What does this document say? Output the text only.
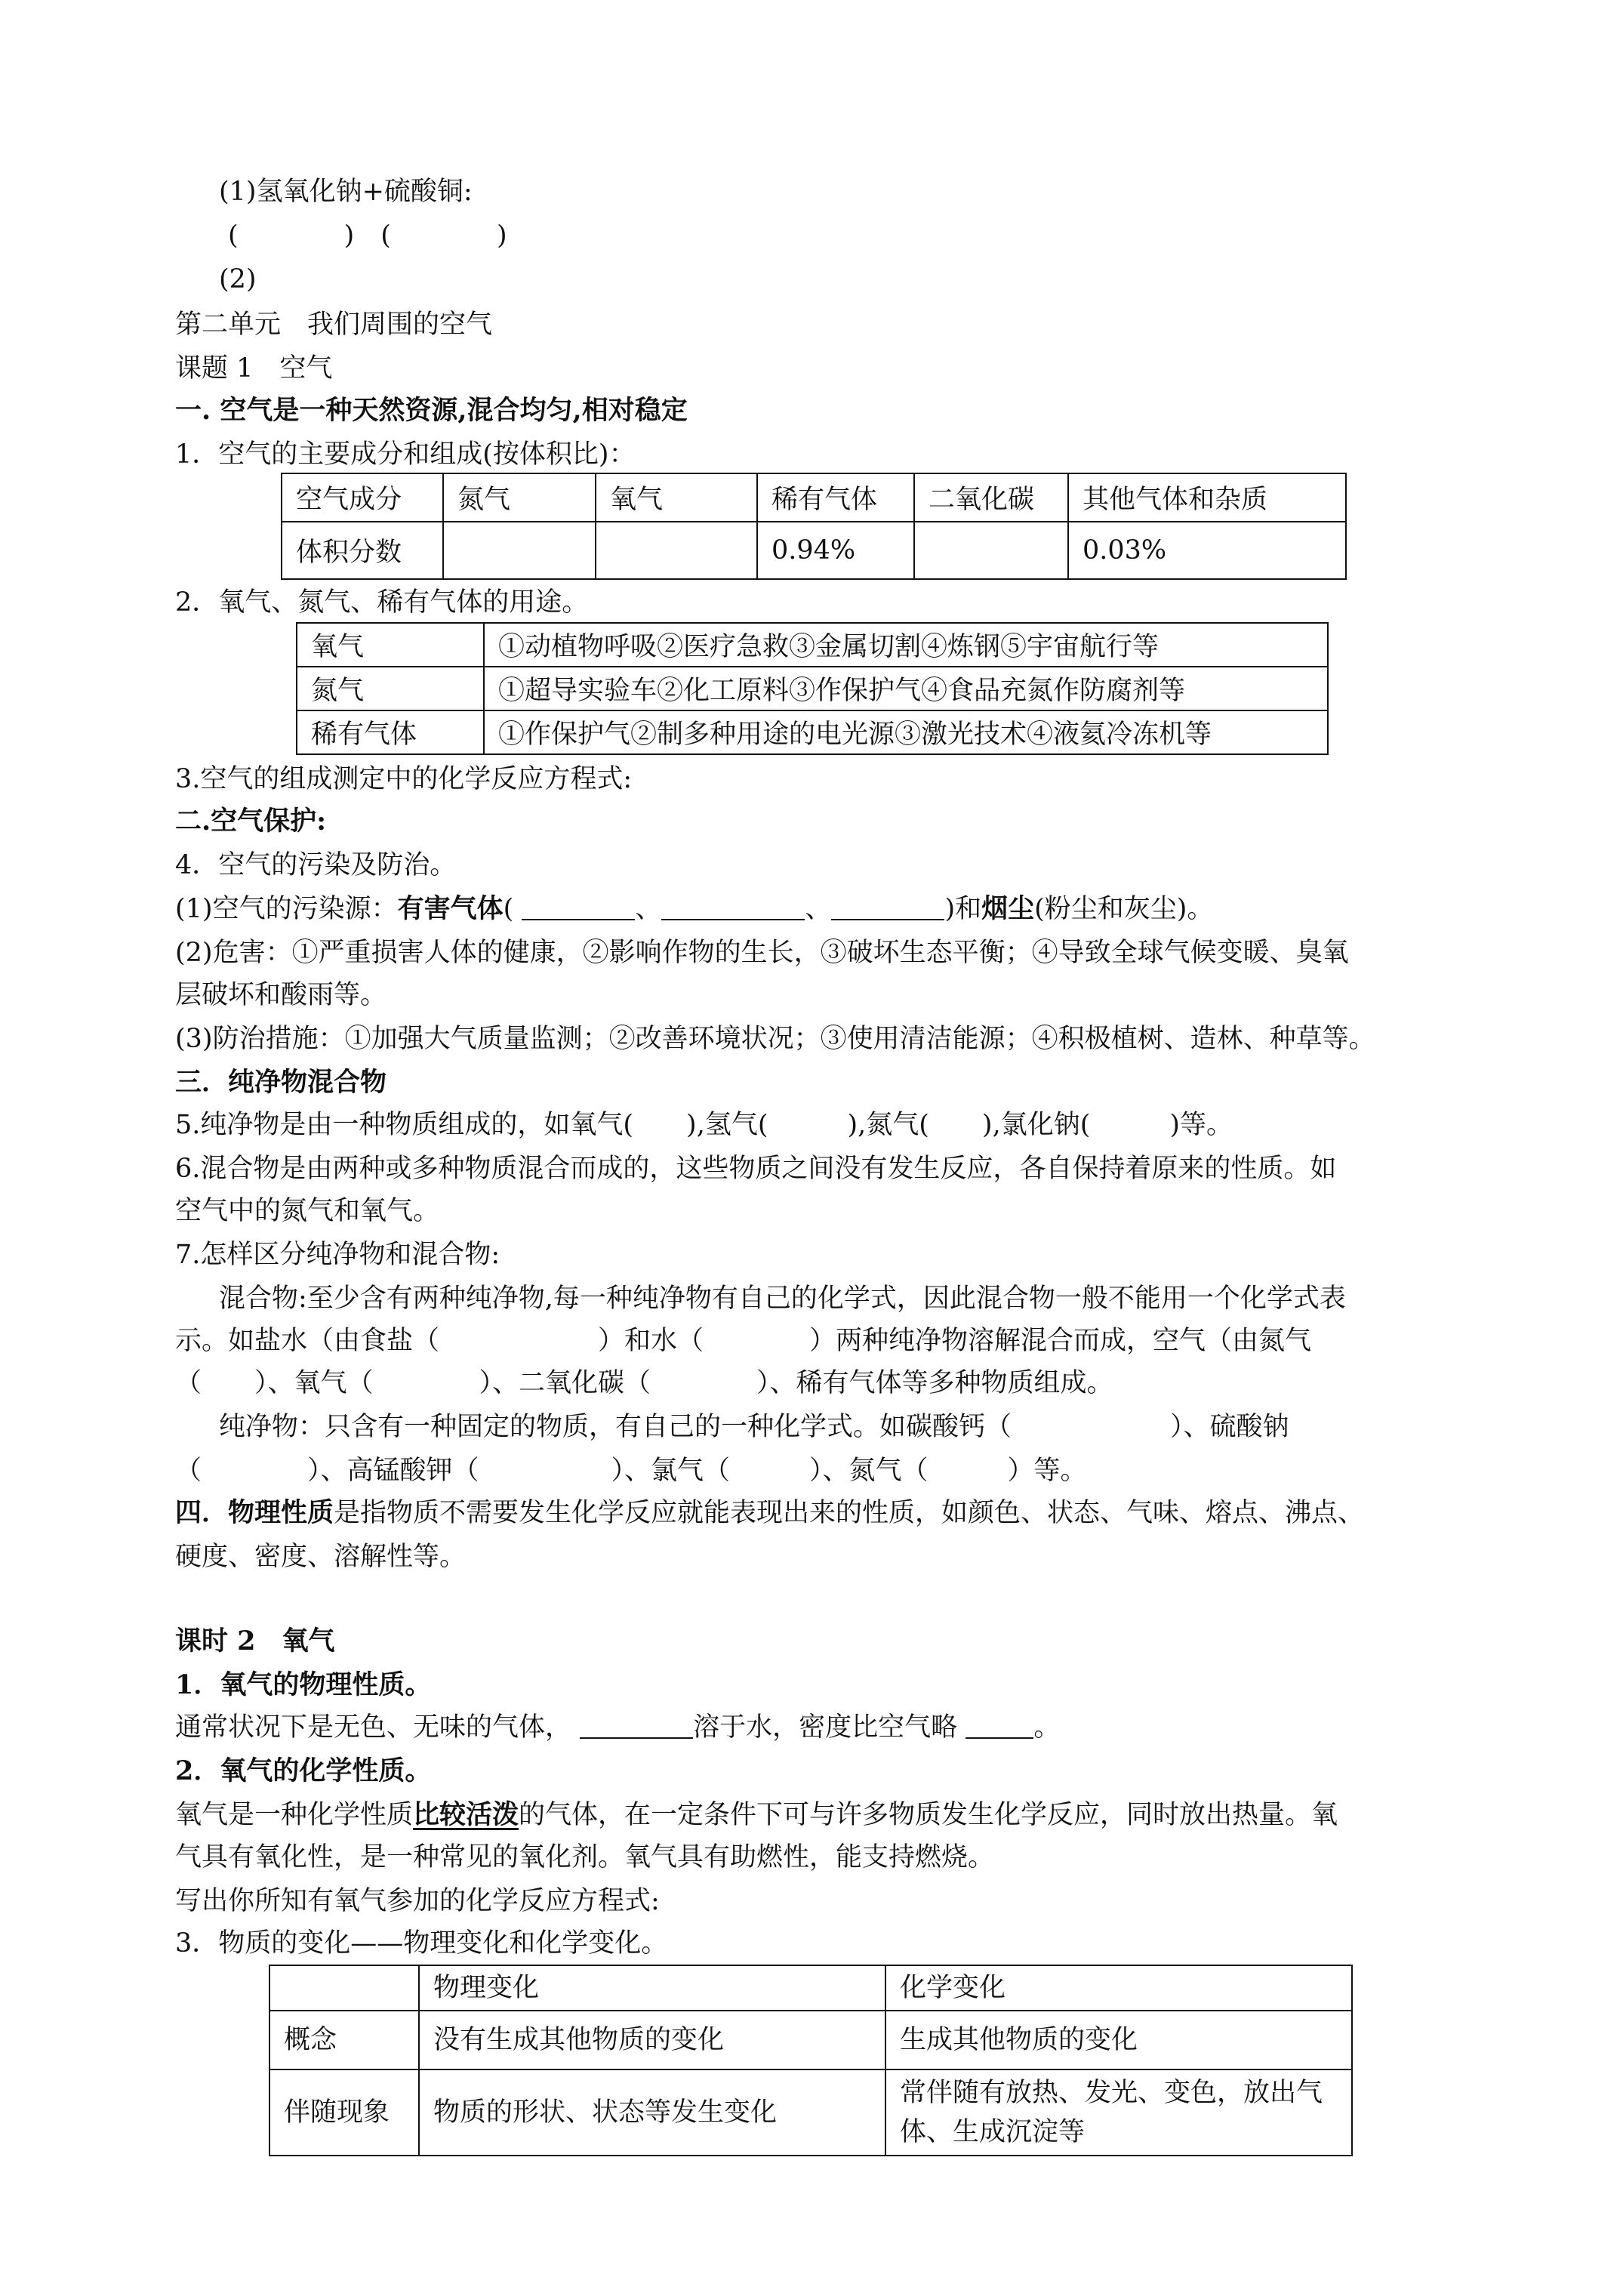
(1)氢氧化钠+硫酸铜:
(　　　　)　(　　　　)
(2)
第二单元　我们周围的空气
课题 1　空气
一. 空气是一种天然资源,混合均匀,相对稳定
1．空气的主要成分和组成(按体积比)：
空气成分	氮气	氧气	稀有气体	二氧化碳	其他气体和杂质
体积分数			0.94%		0.03%
2．氧气、氮气、稀有气体的用途。
氧气	①动植物呼吸②医疗急救③金属切割④炼钢⑤宇宙航行等
氮气	①超导实验车②化工原料③作保护气④食品充氮作防腐剂等
稀有气体	①作保护气②制多种用途的电光源③激光技术④液氦冷冻机等
3.空气的组成测定中的化学反应方程式:
二.空气保护:
4．空气的污染及防治。
(1)空气的污染源：有害气体(	、	、	)和烟尘(粉尘和灰尘)。
(2)危害：①严重损害人体的健康，②影响作物的生长，③破坏生态平衡；④导致全球气候变暖、臭氧
层破坏和酸雨等。
(3)防治措施：①加强大气质量监测；②改善环境状况；③使用清洁能源；④积极植树、造林、种草等。
三．纯净物混合物
5.纯净物是由一种物质组成的，如氧气(　　),氢气(　　　),氮气(　　),氯化钠(　　　)等。
6.混合物是由两种或多种物质混合而成的，这些物质之间没有发生反应，各自保持着原来的性质。如
空气中的氮气和氧气。
7.怎样区分纯净物和混合物:
混合物:至少含有两种纯净物,每一种纯净物有自己的化学式，因此混合物一般不能用一个化学式表
示。如盐水（由食盐（　　　　　　）和水（　　　　）两种纯净物溶解混合而成，空气（由氮气
（　　）、氧气（　　　　）、二氧化碳（　　　　）、稀有气体等多种物质组成。
纯净物：只含有一种固定的物质，有自己的一种化学式。如碳酸钙（　　　　　　）、硫酸钠
（　　　　）、高锰酸钾（　　　　　）、氯气（　　　）、氮气（　　　）等。
四．物理性质是指物质不需要发生化学反应就能表现出来的性质，如颜色、状态、气味、熔点、沸点、
硬度、密度、溶解性等。
课时 2　氧气
1．氧气的物理性质。
通常状况下是无色、无味的气体，	溶于水，密度比空气略	。
2．氧气的化学性质。
氧气是一种化学性质比较活泼的气体，在一定条件下可与许多物质发生化学反应，同时放出热量。氧
气具有氧化性，是一种常见的氧化剂。氧气具有助燃性，能支持燃烧。
写出你所知有氧气参加的化学反应方程式:
3．物质的变化——物理变化和化学变化。
	物理变化	化学变化
概念	没有生成其他物质的变化	生成其他物质的变化
伴随现象	物质的形状、状态等发生变化	常伴随有放热、发光、变色，放出气体、生成沉淀等
